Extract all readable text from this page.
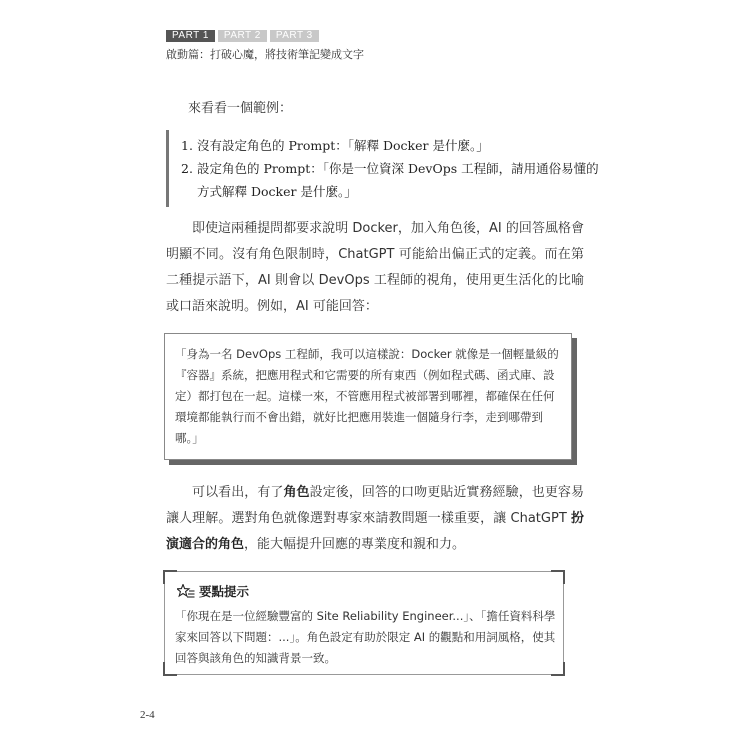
PART 1	PART 2	PART 3
啟動篇：打破心魔，將技術筆記變成文字

來看看一個範例：

1. 沒有設定角色的 Prompt：「解釋 Docker 是什麼。」
2. 設定角色的 Prompt：「你是一位資深 DevOps 工程師，請用通俗易懂的
方式解釋 Docker 是什麼。」

即使這兩種提問都要求說明 Docker，加入角色後，AI 的回答風格會明顯不同。沒有角色限制時，ChatGPT 可能給出偏正式的定義。而在第二種提示語下，AI 則會以 DevOps 工程師的視角，使用更生活化的比喻或口語來說明。例如，AI 可能回答：

「身為一名 DevOps 工程師，我可以這樣說：Docker 就像是一個輕量級的『容器』系統，把應用程式和它需要的所有東西（例如程式碼、函式庫、設定）都打包在一起。這樣一來，不管應用程式被部署到哪裡，都確保在任何環境都能執行而不會出錯，就好比把應用裝進一個隨身行李，走到哪帶到哪。」

可以看出，有了角色設定後，回答的口吻更貼近實務經驗，也更容易讓人理解。選對角色就像選對專家來請教問題一樣重要，讓 ChatGPT 扮演適合的角色，能大幅提升回應的專業度和親和力。

要點提示
「你現在是一位經驗豐富的 Site Reliability Engineer...」、「擔任資料科學家來回答以下問題：...」。角色設定有助於限定 AI 的觀點和用詞風格，使其回答與該角色的知識背景一致。
2-4
